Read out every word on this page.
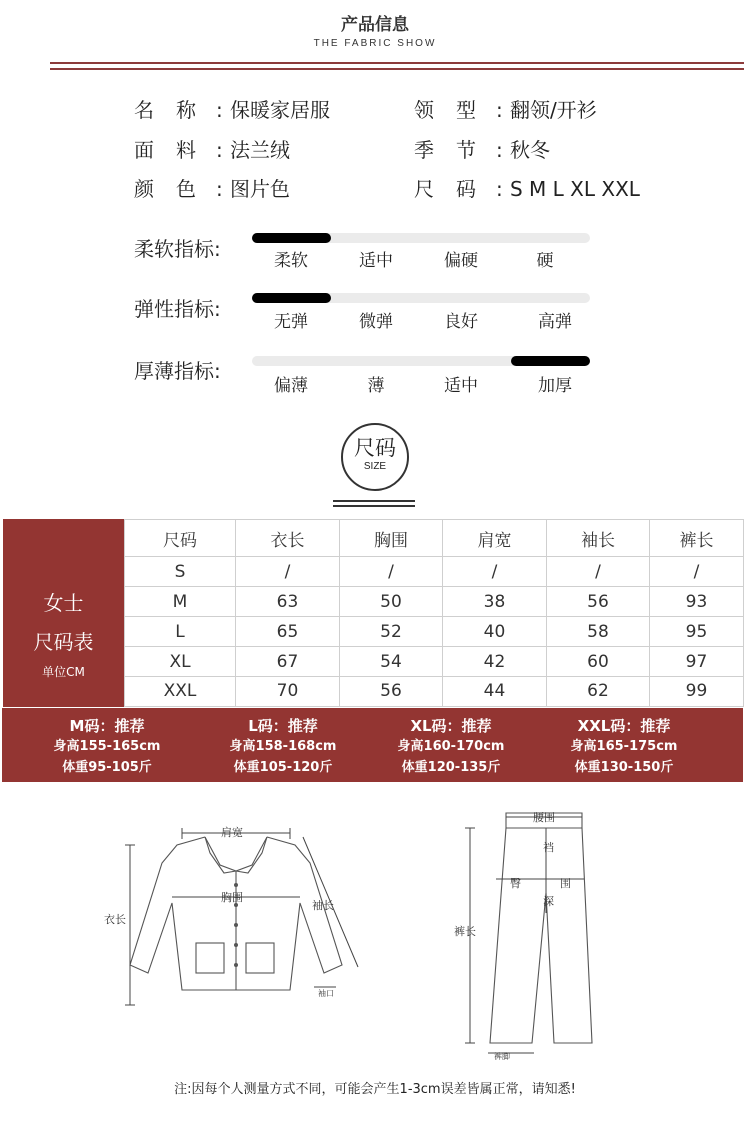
产品信息
THE FABRIC SHOW
名称: 保暖家居服	领型: 翻领/开衫
面料: 法兰绒	季节: 秋冬
颜色: 图片色	尺码: S M L XL XXL
柔软指标:	柔软	适中	偏硬	硬
弹性指标:
无弹	微弹	良好	高弹
厚薄指标:
偏薄	薄	适中	加厚
尺码
SIZE
女士
尺码表
单位CM
尺码	衣长	胸围	肩宽	袖长	裤长
S	/	/	/	/	/
M	63	50	38	56	93
L	65	52	40	58	95
XL	67	54	42	60	97
XXL	70	56	44	62	99
M码：推荐
身高155-165cm
体重95-105斤
L码：推荐
身高158-168cm
体重105-120斤
XL码：推荐
身高160-170cm
体重120-135斤
XXL码：推荐
身高165-175cm
体重130-150斤
肩宽
胸围
衣长
袖长
袖口
腰围
裆
臀	围
深
裤长
裤脚
注:因每个人测量方式不同，可能会产生1-3cm误差皆属正常，请知悉!
